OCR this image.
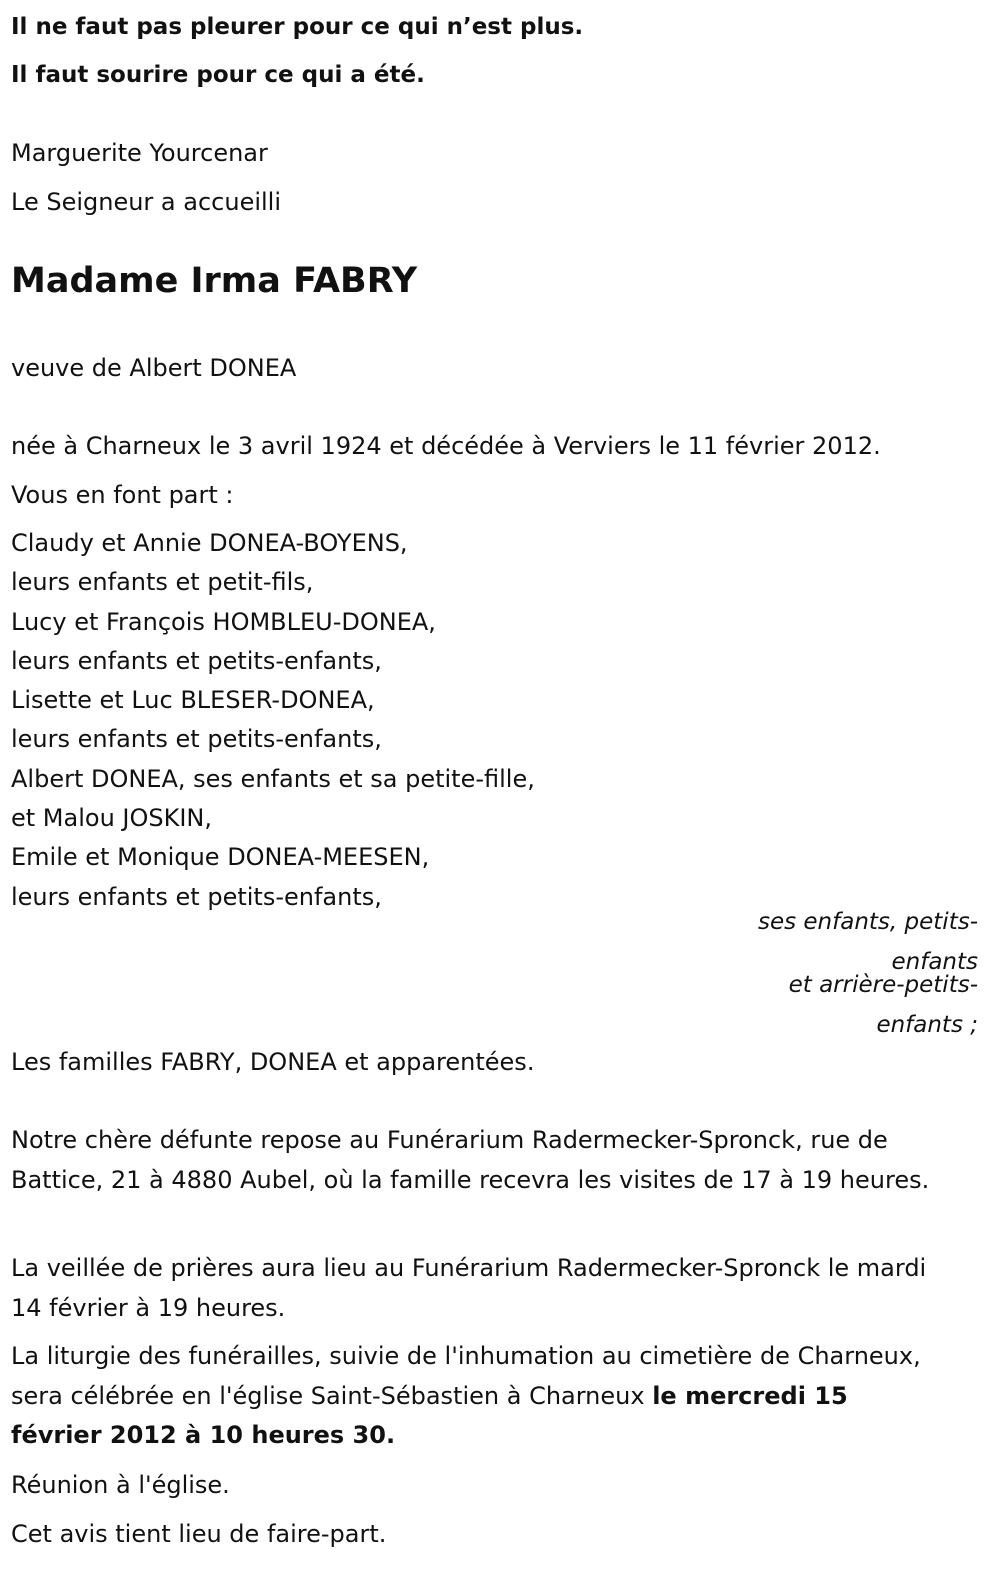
Il ne faut pas pleurer pour ce qui n’est plus.
Il faut sourire pour ce qui a été.
Marguerite Yourcenar
Le Seigneur a accueilli
Madame Irma FABRY
veuve de Albert DONEA
née à Charneux le 3 avril 1924 et décédée à Verviers le 11 février 2012.
Vous en font part :
Claudy et Annie DONEA-BOYENS,
leurs enfants et petit-fils,
Lucy et François HOMBLEU-DONEA,
leurs enfants et petits-enfants,
Lisette et Luc BLESER-DONEA,
leurs enfants et petits-enfants,
Albert DONEA, ses enfants et sa petite-fille,
et Malou JOSKIN,
Emile et Monique DONEA-MEESEN,
leurs enfants et petits-enfants,
ses enfants, petits-enfants
et arrière-petits-enfants ;
Les familles FABRY, DONEA et apparentées.

Notre chère défunte repose au Funérarium Radermecker-Spronck, rue de Battice, 21 à 4880 Aubel, où la famille recevra les visites de 17 à 19 heures.

La veillée de prières aura lieu au Funérarium Radermecker-Spronck le mardi 14 février à 19 heures.

La liturgie des funérailles, suivie de l'inhumation au cimetière de Charneux, sera célébrée en l'église Saint-Sébastien à Charneux le mercredi 15 février 2012 à 10 heures 30.

Réunion à l'église.
Cet avis tient lieu de faire-part.
